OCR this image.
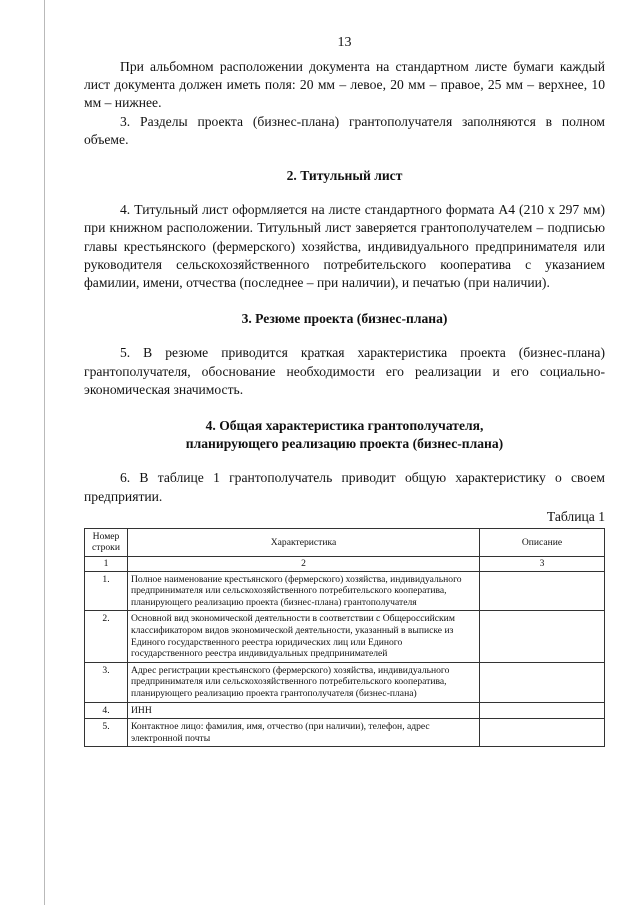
13

При альбомном расположении документа на стандартном листе бумаги каждый лист документа должен иметь поля: 20 мм – левое, 20 мм – правое, 25 мм – верхнее, 10 мм – нижнее.

3. Разделы проекта (бизнес-плана) грантополучателя заполняются в полном объеме.

2. Титульный лист

4. Титульный лист оформляется на листе стандартного формата А4 (210 х 297 мм) при книжном расположении. Титульный лист заверяется грантополучателем – подписью главы крестьянского (фермерского) хозяйства, индивидуального предпринимателя или руководителя сельскохозяйственного потребительского кооператива с указанием фамилии, имени, отчества (последнее – при наличии), и печатью (при наличии).

3. Резюме проекта (бизнес-плана)

5. В резюме приводится краткая характеристика проекта (бизнес-плана) грантополучателя, обоснование необходимости его реализации и его социально-экономическая значимость.

4. Общая характеристика грантополучателя,
планирующего реализацию проекта (бизнес-плана)

6. В таблице 1 грантополучатель приводит общую характеристику о своем предприятии.

Таблица 1
Номер строки	Характеристика	Описание
1	2	3
1.	Полное наименование крестьянского (фермерского) хозяйства, индивидуального предпринимателя или сельскохозяйственного потребительского кооператива, планирующего реализацию проекта (бизнес-плана) грантополучателя	
2.	Основной вид экономической деятельности в соответствии с Общероссийским классификатором видов экономической деятельности, указанный в выписке из Единого государственного реестра юридических лиц или Единого государственного реестра индивидуальных предпринимателей	
3.	Адрес регистрации крестьянского (фермерского) хозяйства, индивидуального предпринимателя или сельскохозяйственного потребительского кооператива, планирующего реализацию проекта грантополучателя (бизнес-плана)	
4.	ИНН	
5.	Контактное лицо: фамилия, имя, отчество (при наличии), телефон, адрес электронной почты	
